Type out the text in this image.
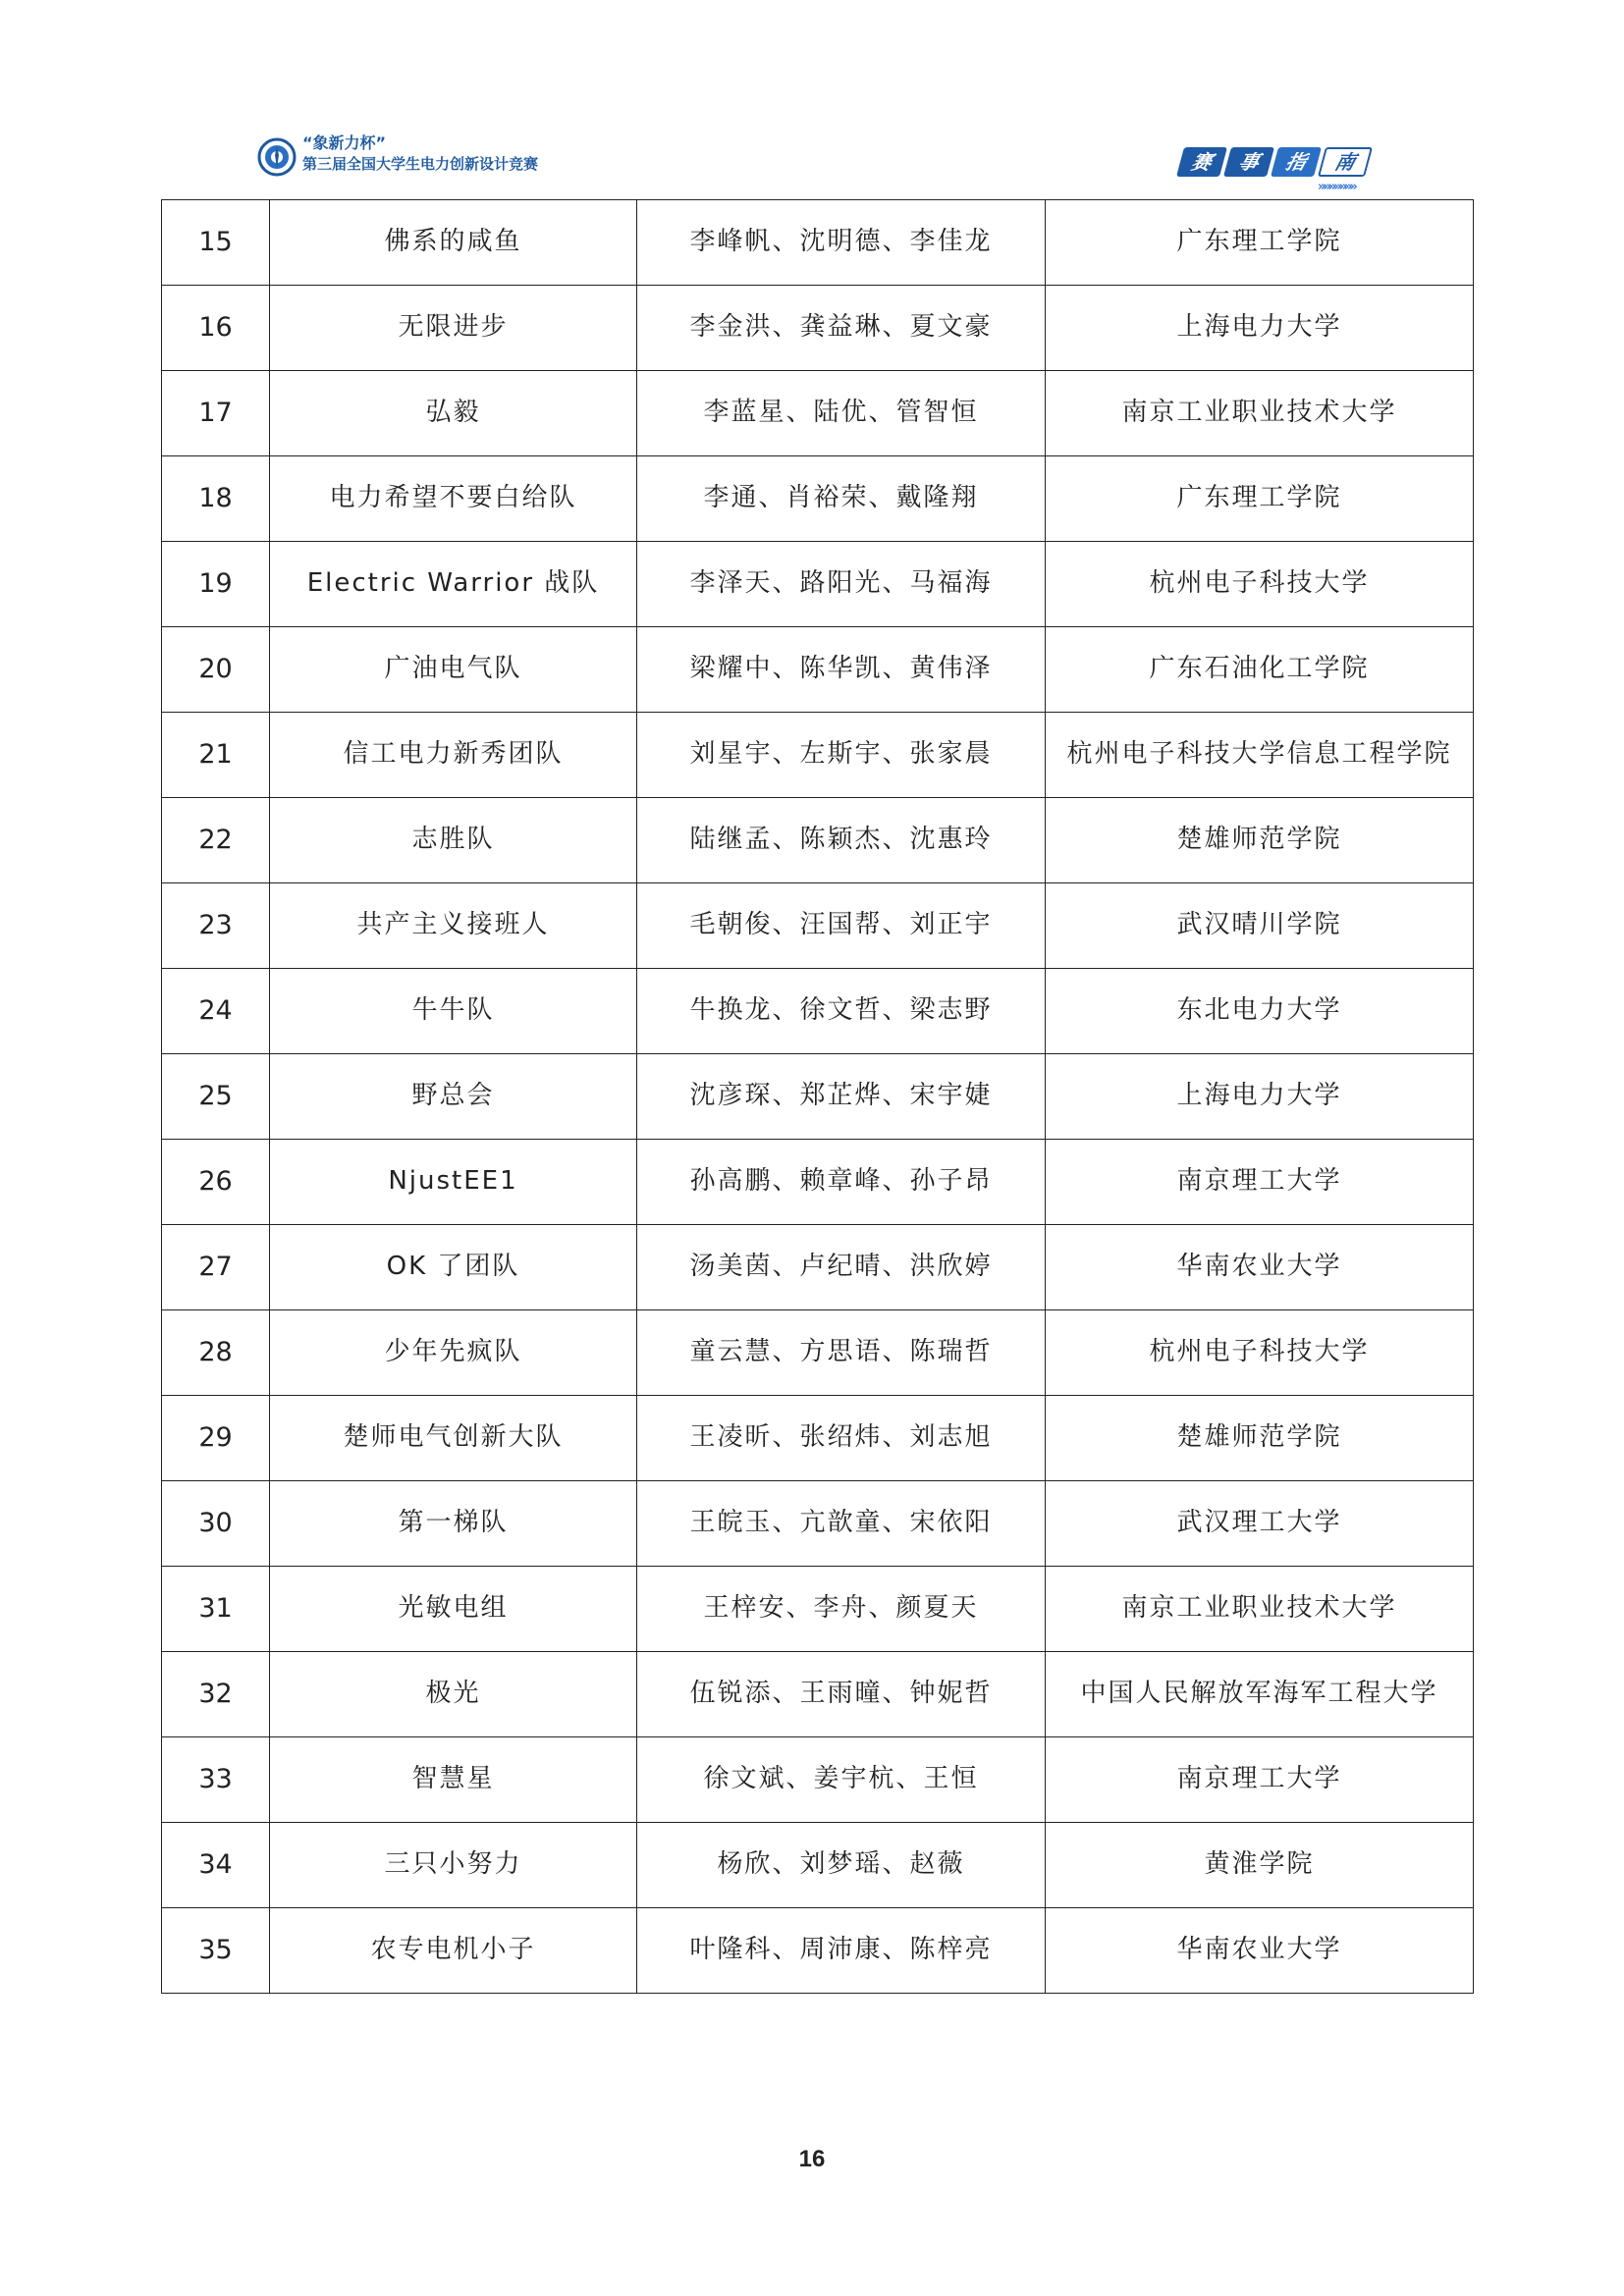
“象新力杯”
第三届全国大学生电力创新设计竞赛	赛	事	指	南
»»»»»»»
15	佛系的咸鱼	李峰帆、沈明德、李佳龙	广东理工学院
16	无限进步	李金洪、龚益琳、夏文豪	上海电力大学
17	弘毅	李蓝星、陆优、管智恒	南京工业职业技术大学
18	电力希望不要白给队	李通、肖裕荣、戴隆翔	广东理工学院
19	Electric Warrior 战队	李泽天、路阳光、马福海	杭州电子科技大学
20	广油电气队	梁耀中、陈华凯、黄伟泽	广东石油化工学院
21	信工电力新秀团队	刘星宇、左斯宇、张家晨	杭州电子科技大学信息工程学院
22	志胜队	陆继孟、陈颖杰、沈惠玲	楚雄师范学院
23	共产主义接班人	毛朝俊、汪国帮、刘正宇	武汉晴川学院
24	牛牛队	牛换龙、徐文哲、梁志野	东北电力大学
25	野总会	沈彦琛、郑芷烨、宋宇婕	上海电力大学
26	NjustEE1	孙高鹏、赖章峰、孙子昂	南京理工大学
27	OK 了团队	汤美茵、卢纪晴、洪欣婷	华南农业大学
28	少年先疯队	童云慧、方思语、陈瑞哲	杭州电子科技大学
29	楚师电气创新大队	王凌昕、张绍炜、刘志旭	楚雄师范学院
30	第一梯队	王皖玉、亢歆童、宋依阳	武汉理工大学
31	光敏电组	王梓安、李舟、颜夏天	南京工业职业技术大学
32	极光	伍锐添、王雨曈、钟妮哲	中国人民解放军海军工程大学
33	智慧星	徐文斌、姜宇杭、王恒	南京理工大学
34	三只小努力	杨欣、刘梦瑶、赵薇	黄淮学院
35	农专电机小子	叶隆科、周沛康、陈梓亮	华南农业大学
16
